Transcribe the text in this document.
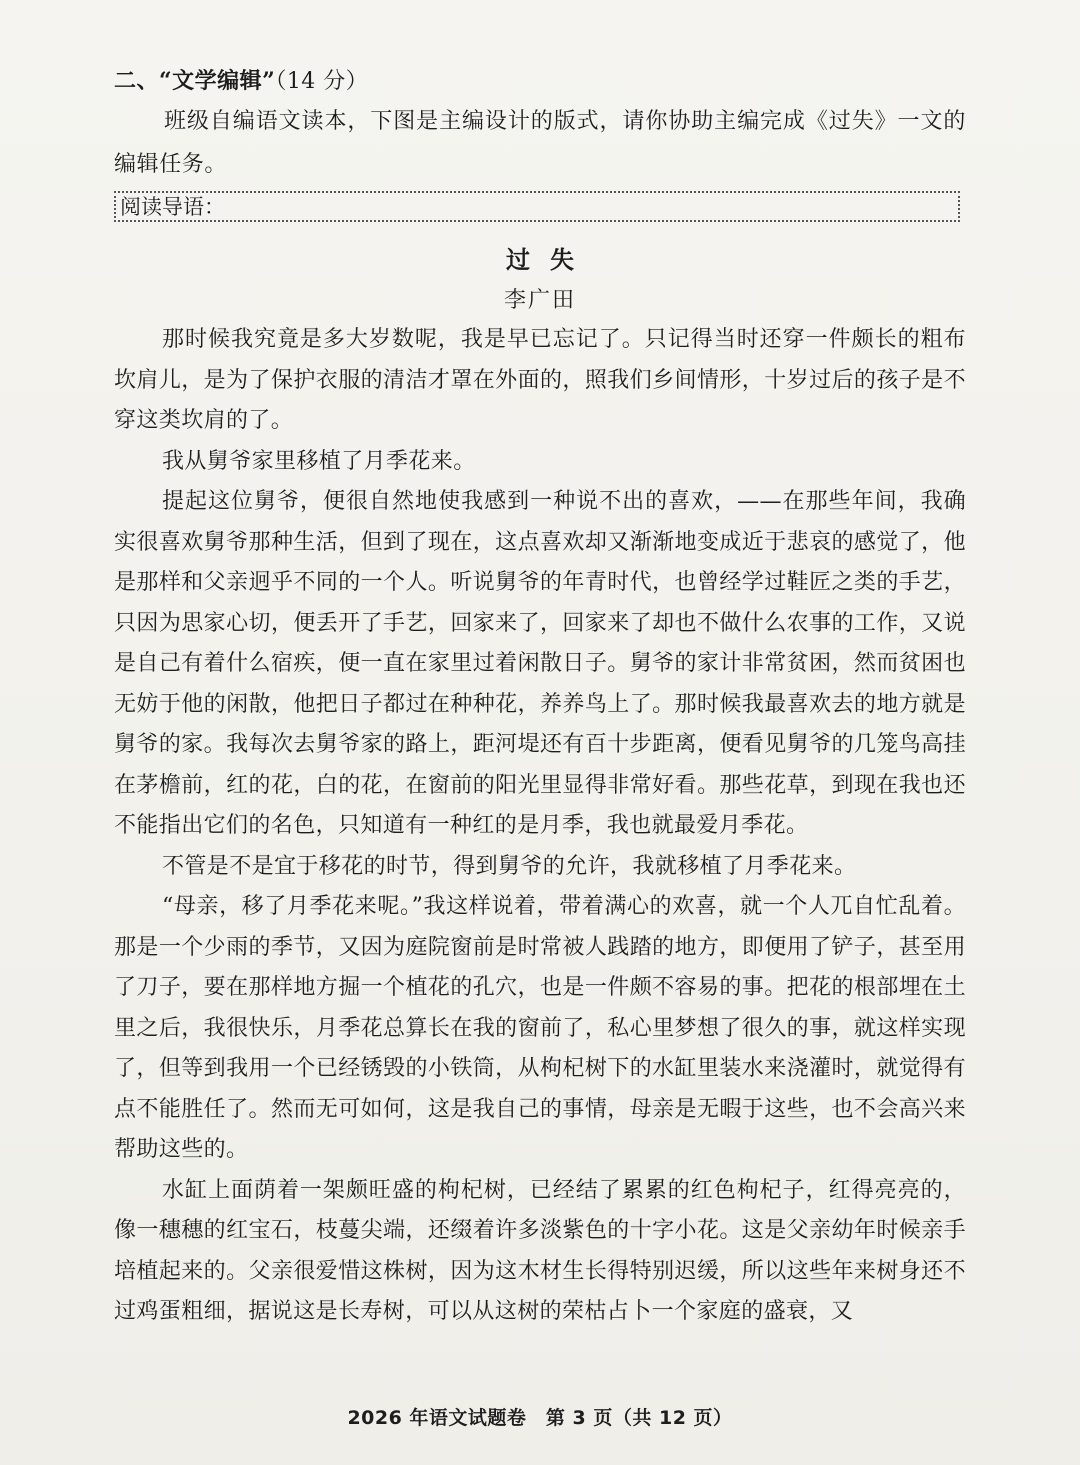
二、“文学编辑”（14 分）
班级自编语文读本，下图是主编设计的版式，请你协助主编完成《过失》一文的编辑任务。
阅读导语：
过失
李广田

那时候我究竟是多大岁数呢，我是早已忘记了。只记得当时还穿一件颇长的粗布坎肩儿，是为了保护衣服的清洁才罩在外面的，照我们乡间情形，十岁过后的孩子是不穿这类坎肩的了。

我从舅爷家里移植了月季花来。

提起这位舅爷，便很自然地使我感到一种说不出的喜欢，——在那些年间，我确实很喜欢舅爷那种生活，但到了现在，这点喜欢却又渐渐地变成近于悲哀的感觉了，他是那样和父亲迥乎不同的一个人。听说舅爷的年青时代，也曾经学过鞋匠之类的手艺，只因为思家心切，便丢开了手艺，回家来了，回家来了却也不做什么农事的工作，又说是自己有着什么宿疾，便一直在家里过着闲散日子。舅爷的家计非常贫困，然而贫困也无妨于他的闲散，他把日子都过在种种花，养养鸟上了。那时候我最喜欢去的地方就是舅爷的家。我每次去舅爷家的路上，距河堤还有百十步距离，便看见舅爷的几笼鸟高挂在茅檐前，红的花，白的花，在窗前的阳光里显得非常好看。那些花草，到现在我也还不能指出它们的名色，只知道有一种红的是月季，我也就最爱月季花。

不管是不是宜于移花的时节，得到舅爷的允许，我就移植了月季花来。

“母亲，移了月季花来呢。”我这样说着，带着满心的欢喜，就一个人兀自忙乱着。那是一个少雨的季节，又因为庭院窗前是时常被人践踏的地方，即便用了铲子，甚至用了刀子，要在那样地方掘一个植花的孔穴，也是一件颇不容易的事。把花的根部埋在土里之后，我很快乐，月季花总算长在我的窗前了，私心里梦想了很久的事，就这样实现了，但等到我用一个已经锈毁的小铁筒，从枸杞树下的水缸里装水来浇灌时，就觉得有点不能胜任了。然而无可如何，这是我自己的事情，母亲是无暇于这些，也不会高兴来帮助这些的。

水缸上面荫着一架颇旺盛的枸杞树，已经结了累累的红色枸杞子，红得亮亮的，像一穗穗的红宝石，枝蔓尖端，还缀着许多淡紫色的十字小花。这是父亲幼年时候亲手培植起来的。父亲很爱惜这株树，因为这木材生长得特别迟缓，所以这些年来树身还不过鸡蛋粗细，据说这是长寿树，可以从这树的荣枯占卜一个家庭的盛衰，又

2026 年语文试题卷　第 3 页（共 12 页）
